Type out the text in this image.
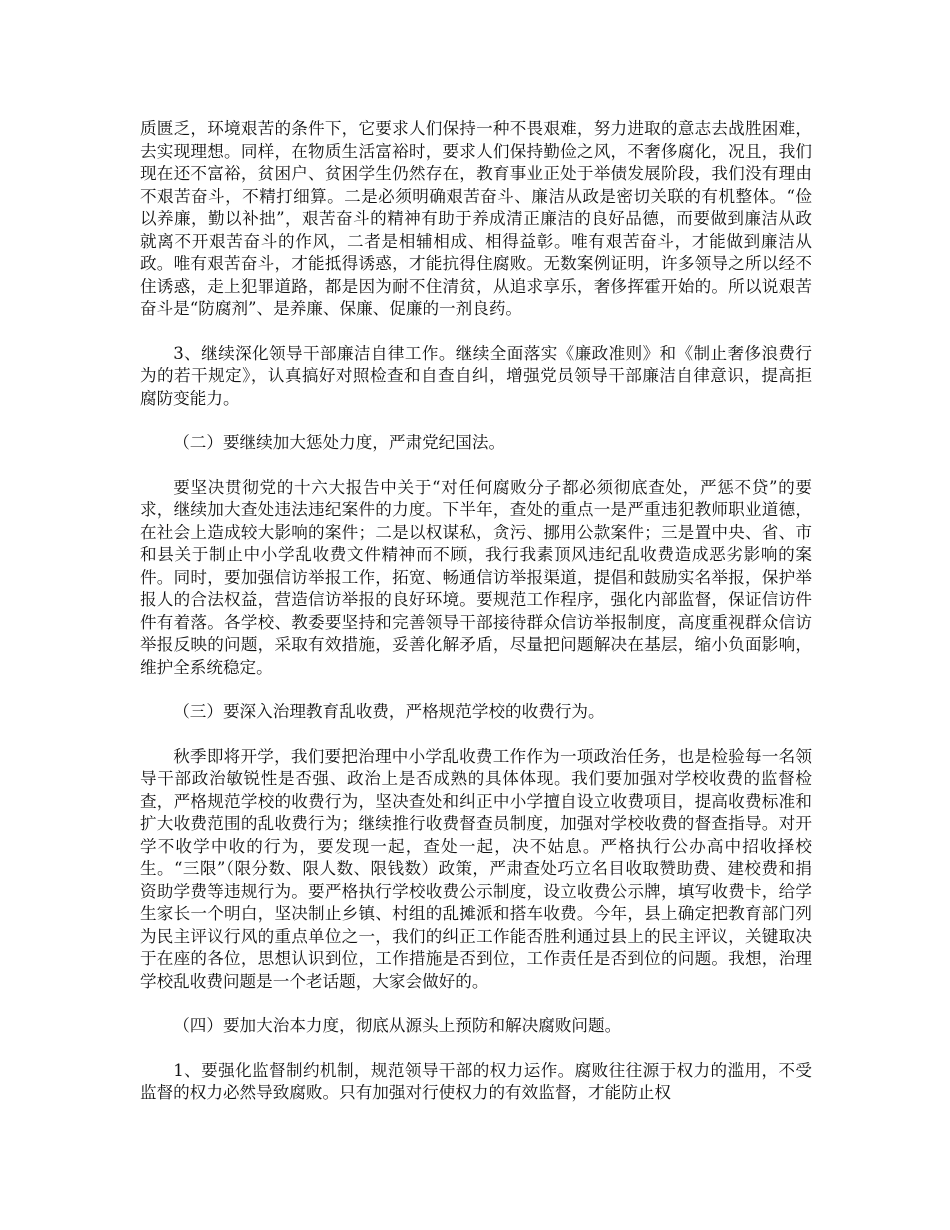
质匮乏，环境艰苦的条件下，它要求人们保持一种不畏艰难，努力进取的意志去战胜困难，去实现理想。同样，在物质生活富裕时，要求人们保持勤俭之风，不奢侈腐化，况且，我们现在还不富裕，贫困户、贫困学生仍然存在，教育事业正处于举债发展阶段，我们没有理由不艰苦奋斗，不精打细算。二是必须明确艰苦奋斗、廉洁从政是密切关联的有机整体。“俭以养廉，勤以补拙”，艰苦奋斗的精神有助于养成清正廉洁的良好品德，而要做到廉洁从政就离不开艰苦奋斗的作风，二者是相辅相成、相得益彰。唯有艰苦奋斗，才能做到廉洁从政。唯有艰苦奋斗，才能抵得诱惑，才能抗得住腐败。无数案例证明，许多领导之所以经不住诱惑，走上犯罪道路，都是因为耐不住清贫，从追求享乐，奢侈挥霍开始的。所以说艰苦奋斗是“防腐剂”、是养廉、保廉、促廉的一剂良药。

3、继续深化领导干部廉洁自律工作。继续全面落实《廉政准则》和《制止奢侈浪费行为的若干规定》，认真搞好对照检查和自查自纠，增强党员领导干部廉洁自律意识，提高拒腐防变能力。

（二）要继续加大惩处力度，严肃党纪国法。

要坚决贯彻党的十六大报告中关于“对任何腐败分子都必须彻底查处，严惩不贷”的要求，继续加大查处违法违纪案件的力度。下半年，查处的重点一是严重违犯教师职业道德，在社会上造成较大影响的案件；二是以权谋私，贪污、挪用公款案件；三是置中央、省、市和县关于制止中小学乱收费文件精神而不顾，我行我素顶风违纪乱收费造成恶劣影响的案件。同时，要加强信访举报工作，拓宽、畅通信访举报渠道，提倡和鼓励实名举报，保护举报人的合法权益，营造信访举报的良好环境。要规范工作程序，强化内部监督，保证信访件件有着落。各学校、教委要坚持和完善领导干部接待群众信访举报制度，高度重视群众信访举报反映的问题，采取有效措施，妥善化解矛盾，尽量把问题解决在基层，缩小负面影响，维护全系统稳定。

（三）要深入治理教育乱收费，严格规范学校的收费行为。

秋季即将开学，我们要把治理中小学乱收费工作作为一项政治任务，也是检验每一名领导干部政治敏锐性是否强、政治上是否成熟的具体体现。我们要加强对学校收费的监督检查，严格规范学校的收费行为，坚决查处和纠正中小学擅自设立收费项目，提高收费标准和扩大收费范围的乱收费行为；继续推行收费督查员制度，加强对学校收费的督查指导。对开学不收学中收的行为，要发现一起，查处一起，决不姑息。严格执行公办高中招收择校生。“三限”（限分数、限人数、限钱数）政策，严肃查处巧立名目收取赞助费、建校费和捐资助学费等违规行为。要严格执行学校收费公示制度，设立收费公示牌，填写收费卡，给学生家长一个明白，坚决制止乡镇、村组的乱摊派和搭车收费。今年，县上确定把教育部门列为民主评议行风的重点单位之一，我们的纠正工作能否胜利通过县上的民主评议，关键取决于在座的各位，思想认识到位，工作措施是否到位，工作责任是否到位的问题。我想，治理学校乱收费问题是一个老话题，大家会做好的。

（四）要加大治本力度，彻底从源头上预防和解决腐败问题。

1、要强化监督制约机制，规范领导干部的权力运作。腐败往往源于权力的滥用，不受监督的权力必然导致腐败。只有加强对行使权力的有效监督，才能防止权
